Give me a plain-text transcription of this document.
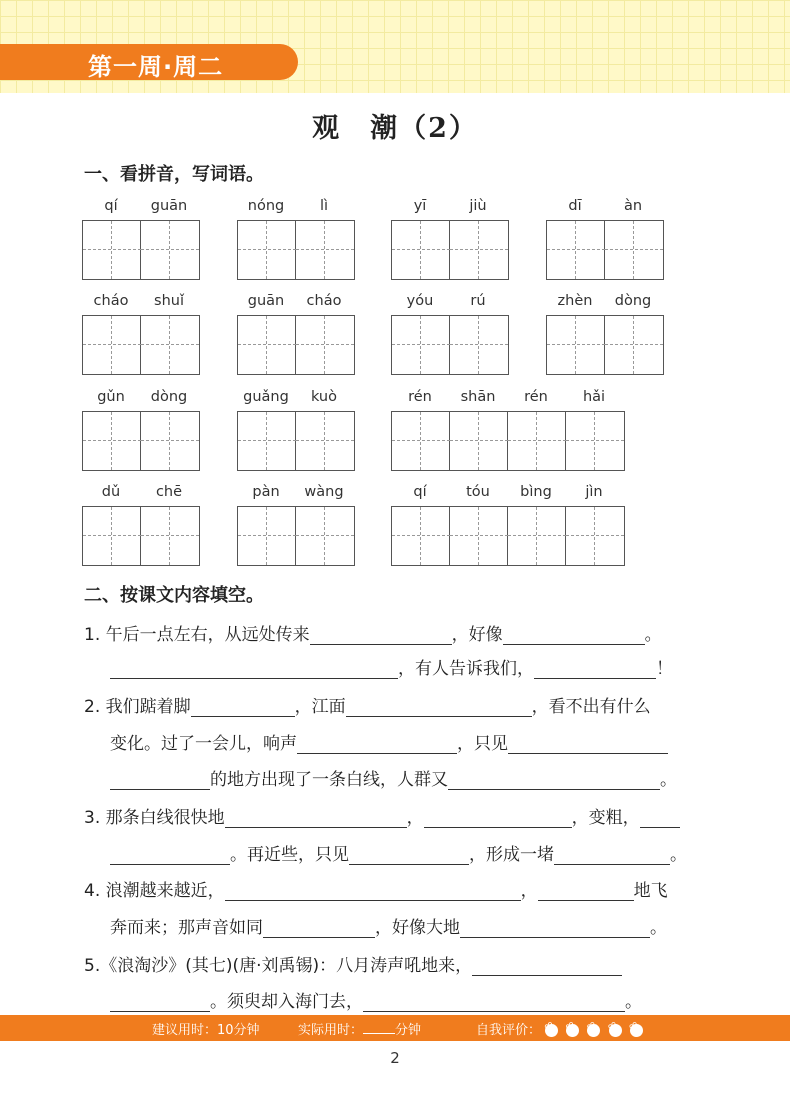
第一周·周二
观　潮（2）
一、看拼音，写词语。
qí	guān	nóng	lì	yī	jiù	dī	àn
cháo	shuǐ	guān	cháo	yóu	rú	zhèn	dòng
gǔn	dòng	guǎng	kuò	rén	shān	rén	hǎi
dǔ	chē	pàn	wàng	qí	tóu	bìng	jìn
二、按课文内容填空。
1. 午后一点左右，从远处传来	，好像	。
，有人告诉我们，	！
2. 我们踮着脚	，江面	，看不出有什么
变化。过了一会儿，响声	，只见
的地方出现了一条白线，人群又	。
3. 那条白线很快地	，	，变粗，
。再近些，只见	，形成一堵	。
4. 浪潮越来越近，	，	地飞
奔而来；那声音如同	，好像大地	。
5.《浪淘沙》(其七)(唐·刘禹锡)：八月涛声吼地来，
。须臾却入海门去，	。
建议用时：10分钟	实际用时： 分钟	自我评价： ❀ ❀ ❀ ❀ ❀
2
